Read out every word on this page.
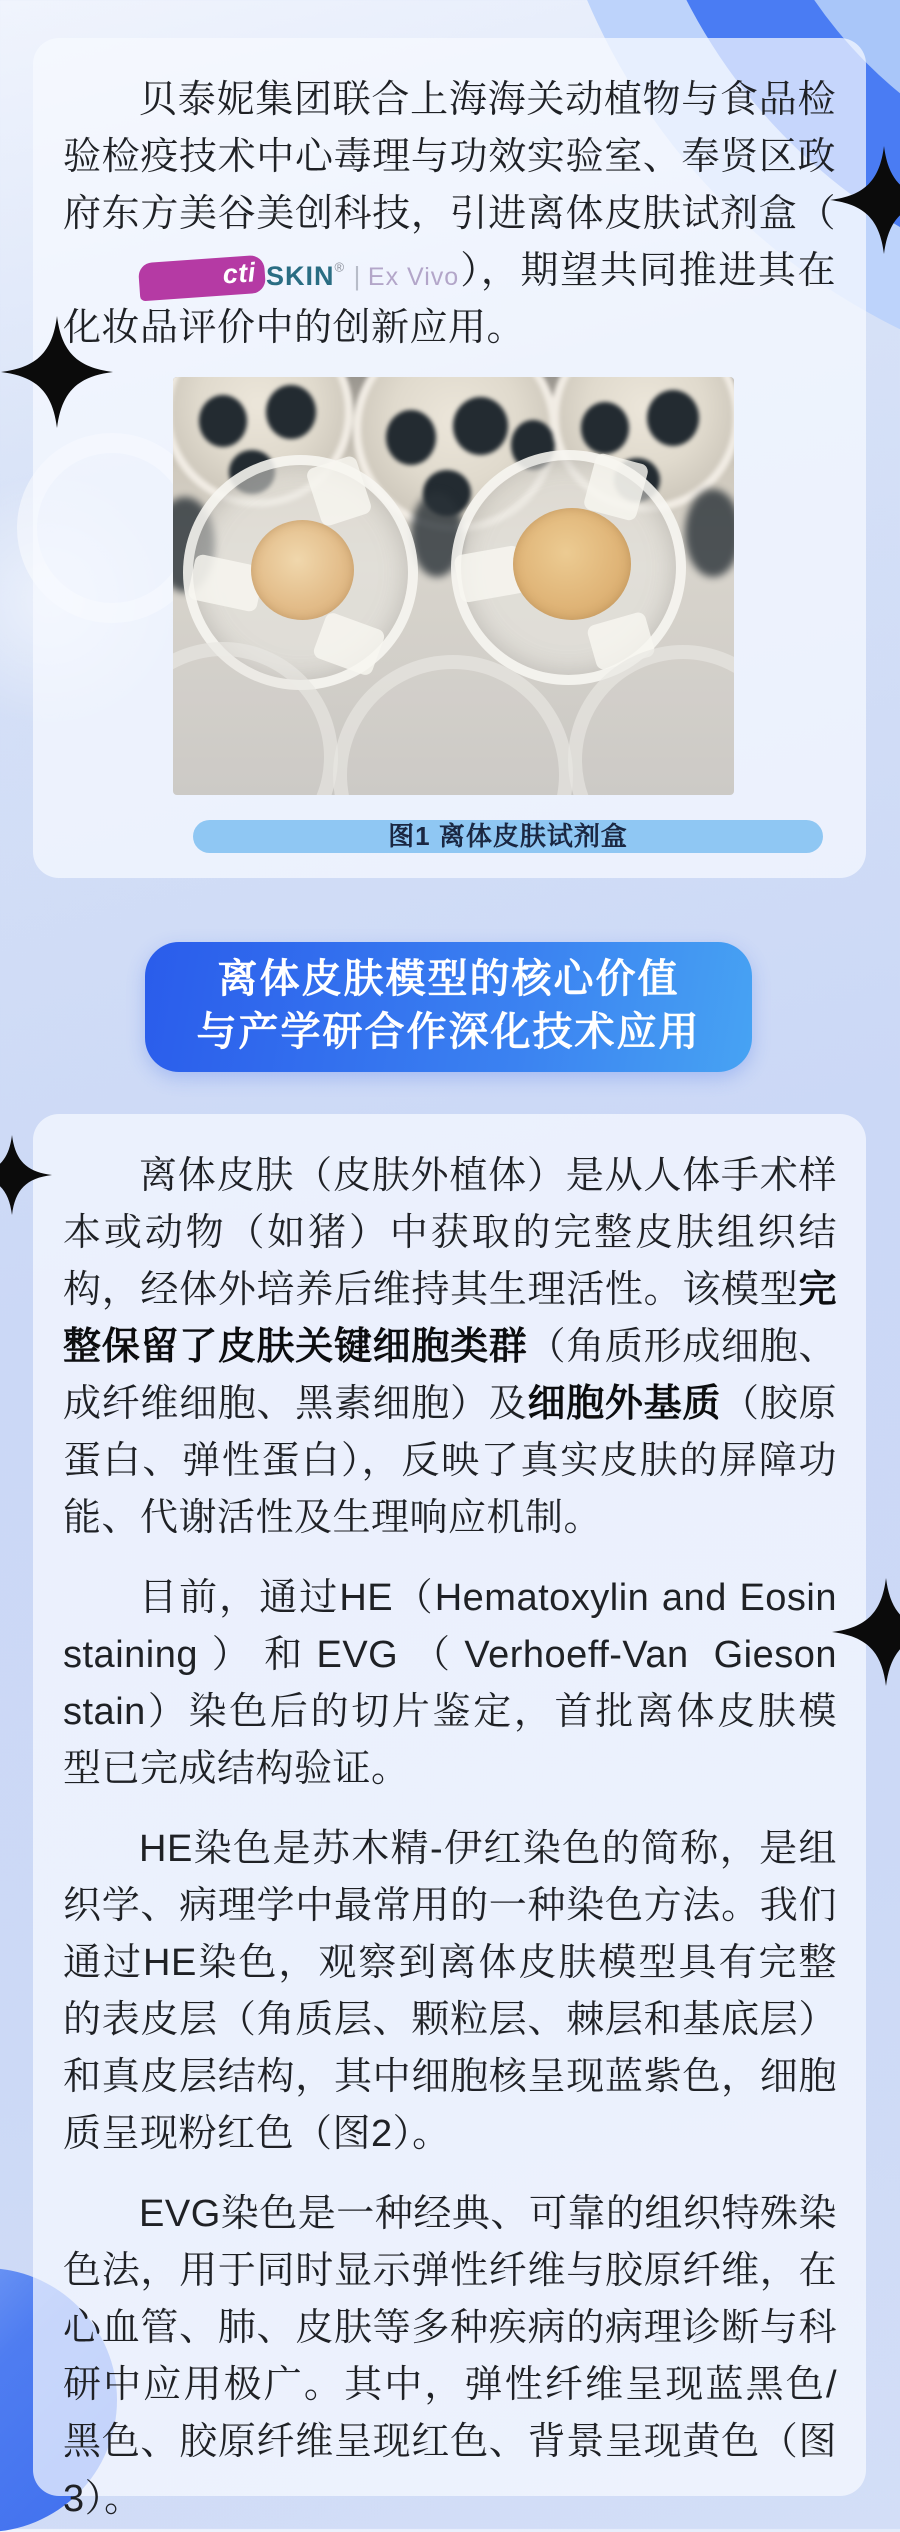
贝泰妮集团联合上海海关动植物与食品检验检疫技术中心毒理与功效实验室、奉贤区政府东方美谷美创科技，引进离体皮肤试剂盒（cti SKIN® | Ex Vivo），期望共同推进其在化妆品评价中的创新应用。

图1 离体皮肤试剂盒
离体皮肤模型的核心价值
与产学研合作深化技术应用

离体皮肤（皮肤外植体）是从人体手术样本或动物（如猪）中获取的完整皮肤组织结构，经体外培养后维持其生理活性。该模型完整保留了皮肤关键细胞类群（角质形成细胞、成纤维细胞、黑素细胞）及细胞外基质（胶原蛋白、弹性蛋白），反映了真实皮肤的屏障功能、代谢活性及生理响应机制。

目前，通过HE（Hematoxylin and Eosin staining）和EVG（Verhoeff-Van Gieson stain）染色后的切片鉴定，首批离体皮肤模型已完成结构验证。

HE染色是苏木精-伊红染色的简称，是组织学、病理学中最常用的一种染色方法。我们通过HE染色，观察到离体皮肤模型具有完整的表皮层（角质层、颗粒层、棘层和基底层）和真皮层结构，其中细胞核呈现蓝紫色，细胞质呈现粉红色（图2）。

EVG染色是一种经典、可靠的组织特殊染色法，用于同时显示弹性纤维与胶原纤维，在心血管、肺、皮肤等多种疾病的病理诊断与科研中应用极广。其中，弹性纤维呈现蓝黑色/黑色、胶原纤维呈现红色、背景呈现黄色（图3）。
